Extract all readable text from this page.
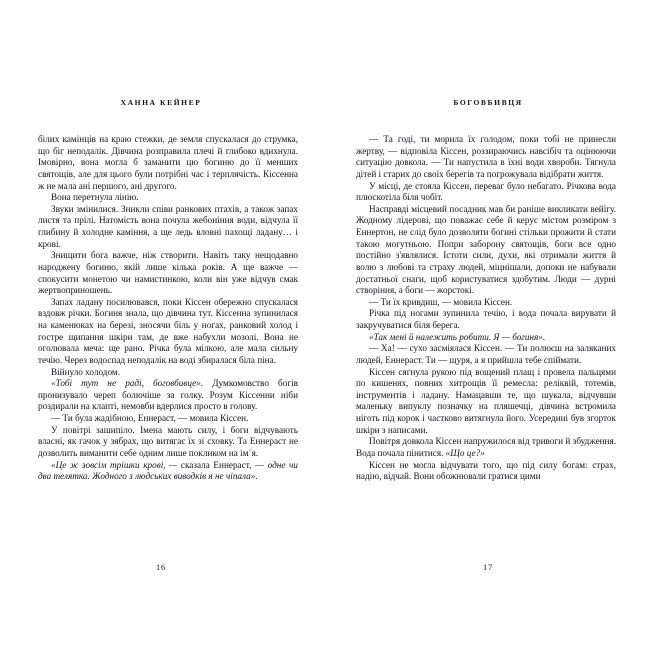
ХАННА КЕЙНЕР

білих камінців на краю стежки, де земля спускалася до струмка, що біг неподалік. Дівчина розправила плечі й глибоко вдихнула. Імовірно, вона могла б заманити цю богиню до її менших святощів, але для цього були потрібні час і терплячість. Кіссенна ж не мала ані першого, ані другого.

Вона перетнула лінію.

Звуки змінилися. Зникли співи ранкових птахів, а також запах листя та прілі. Натомість вона почула жебоніння води, відчула її глибину й холодне каміння, а ще ледь вловні пахощі ладану… і крові.

Знищити бога важче, ніж створити. Навіть таку нещодавно народжену богиню, якій лише кілька років. А ще важче — спокусити монетою чи намистинкою, коли він уже відчув смак жертвоприношень.

Запах ладану посилювався, поки Кіссен обережно спускалася вздовж річки. Богиня знала, що дівчина тут. Кіссенна зупинилася на каменюках на березі, зносячи біль у ногах, ранковий холод і гостре щипання шкіри там, де вже набухли мозолі. Вона не оголювала меча: ще рано. Річка була мілкою, але мала сильну течію. Через водоспад неподалік на воді збиралася біла піна.

Війнуло холодом.

«Тобі тут не раді, боговбивце». Думкомовство богів пронизувало череп болючіше за голку. Розум Кіссенни ніби роздирали на клапті, немовби вдерлися просто в голову.

— Ти була жадібною, Еннераст, — мовила Кіссен.

У повітрі зашипіло. Імена мають силу, і боги відчувають власні, як гачок у зябрах, що витягає їх зі сховку. Та Еннераст не дозволить виманити себе одним лише покликом на ім᾽я.

«Це ж зовсім трішки крові, — сказала Еннераст, — одне чи два телятка. Жодного з людських виводків я не чіпала».

16
БОГОВБИВЦЯ

— Та годі, ти морила їх голодом, поки тобі не принесли жертву, — відповіла Кіссен, роззираючись навсібіч та оцінюючи ситуацію довкола. — Ти напустила в їхні води хвороби. Тягнула дітей і старих до своїх берегів та погрожувала відібрати життя.

У місці, де стояла Кіссен, переваг було небагато. Річкова вода плюскотіла біля чобіт.

Насправді місцевий посадник мав би раніше викликати вейїгу. Жодному лідерові, що поважає себе й керує містом розміром з Еннертон, не слід було дозволяти богині стільки прожити й стати такою могутньою. Попри заборону святощів, боги все одно постійно з'являлися. Істоти сили, духи, які отримали життя й волю з любові та страху людей, міцнішали, допоки не набували достатньої снаги, щоб користуватися здобутим. Люди — дурні створіння, а боги — жорстокі.

— Ти їх кривдиш, — мовила Кіссен.

Річка під ногами зупинила течію, і вода почала вирувати й закручуватися біля берега.

«Так мені й належить робити. Я — богиня».

— Ха! — сухо засміялася Кіссен. — Ти полюєш на заляканих людей, Еннераст. Ти — щуря, а я прийшла тебе спіймати.

Кіссен сягнула рукою під вощений плащ і провела пальцями по кишенях, повних хитрощів її ремесла: реліквій, тотемів, інструментів і ладану. Намацавши те, що шукала, відчувши маленьку випуклу позначку на пляшечці, дівчина встромила ніготь під корок і частково витягнула його. Усередині був згорток шкіри з написами.

Повітря довкола Кіссен напружилося від тривоги й збудження. Вода почала пінитися. «Що це?»

Кіссен не могла відчувати того, що під силу богам: страх, надію, відчай. Вони обожнювали гратися цими

17
